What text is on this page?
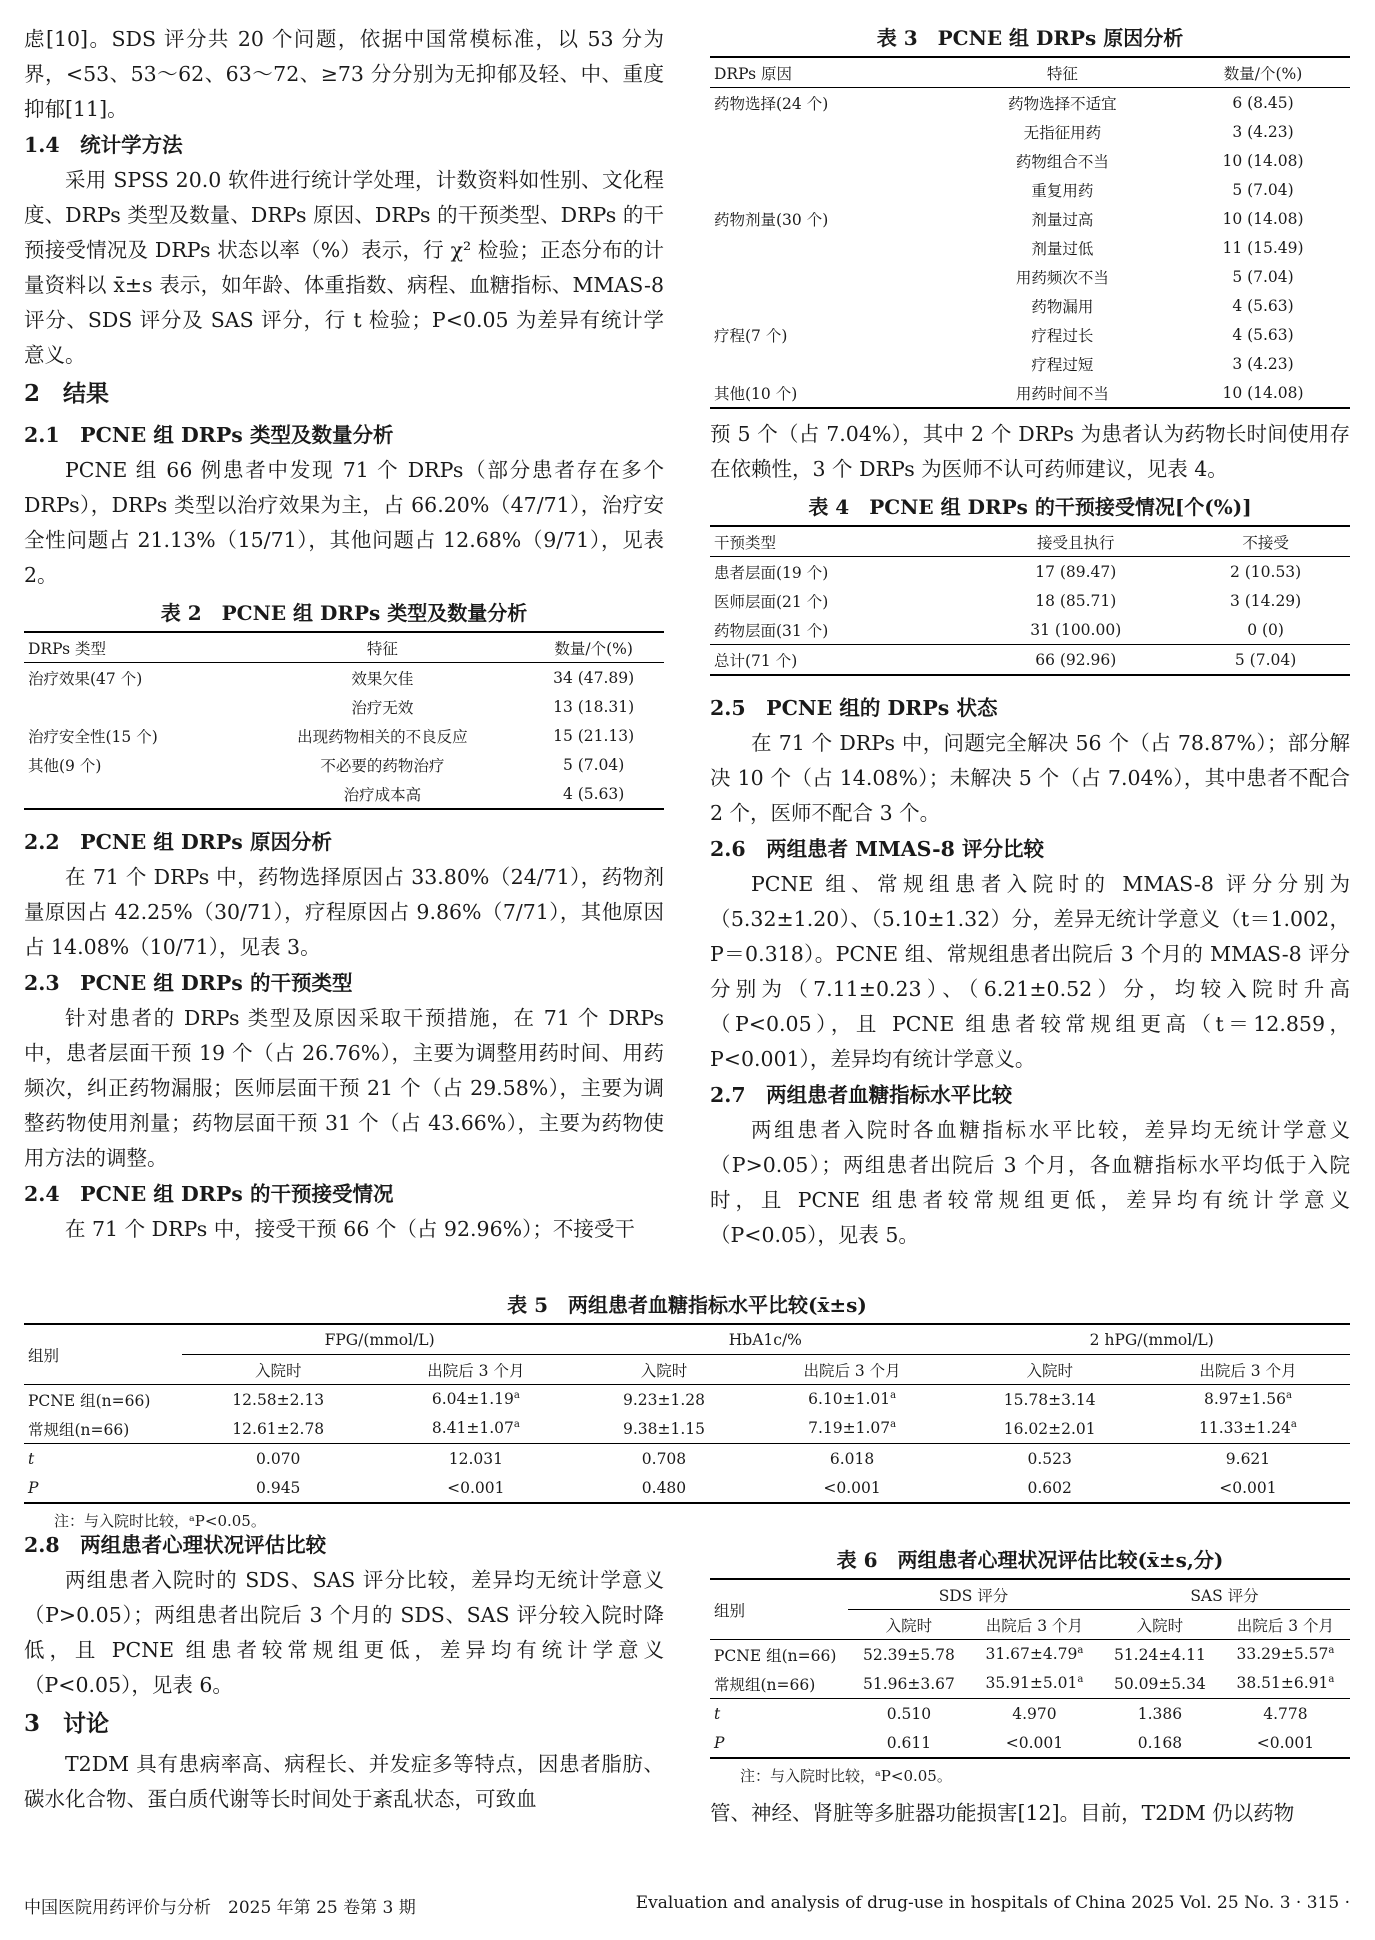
虑[10]。SDS 评分共 20 个问题，依据中国常模标准，以 53 分为界，<53、53～62、63～72、≥73 分分别为无抑郁及轻、中、重度抑郁[11]。

1.4　统计学方法

采用 SPSS 20.0 软件进行统计学处理，计数资料如性别、文化程度、DRPs 类型及数量、DRPs 原因、DRPs 的干预类型、DRPs 的干预接受情况及 DRPs 状态以率（%）表示，行 χ² 检验；正态分布的计量资料以 x̄±s 表示，如年龄、体重指数、病程、血糖指标、MMAS-8 评分、SDS 评分及 SAS 评分，行 t 检验；P<0.05 为差异有统计学意义。

2　结果
2.1　PCNE 组 DRPs 类型及数量分析

PCNE 组 66 例患者中发现 71 个 DRPs（部分患者存在多个 DRPs），DRPs 类型以治疗效果为主，占 66.20%（47/71），治疗安全性问题占 21.13%（15/71），其他问题占 12.68%（9/71），见表 2。

表 2　PCNE 组 DRPs 类型及数量分析
DRPs 类型	特征	数量/个(%)
治疗效果(47 个)	效果欠佳	34 (47.89)
	治疗无效	13 (18.31)
治疗安全性(15 个)	出现药物相关的不良反应	15 (21.13)
其他(9 个)	不必要的药物治疗	5 (7.04)
	治疗成本高	4 (5.63)
2.2　PCNE 组 DRPs 原因分析

在 71 个 DRPs 中，药物选择原因占 33.80%（24/71），药物剂量原因占 42.25%（30/71），疗程原因占 9.86%（7/71），其他原因占 14.08%（10/71），见表 3。

2.3　PCNE 组 DRPs 的干预类型

针对患者的 DRPs 类型及原因采取干预措施，在 71 个 DRPs 中，患者层面干预 19 个（占 26.76%），主要为调整用药时间、用药频次，纠正药物漏服；医师层面干预 21 个（占 29.58%），主要为调整药物使用剂量；药物层面干预 31 个（占 43.66%），主要为药物使用方法的调整。

2.4　PCNE 组 DRPs 的干预接受情况

在 71 个 DRPs 中，接受干预 66 个（占 92.96%）；不接受干

表 3　PCNE 组 DRPs 原因分析
DRPs 原因	特征	数量/个(%)
药物选择(24 个)	药物选择不适宜	6 (8.45)
	无指征用药	3 (4.23)
	药物组合不当	10 (14.08)
	重复用药	5 (7.04)
药物剂量(30 个)	剂量过高	10 (14.08)
	剂量过低	11 (15.49)
	用药频次不当	5 (7.04)
	药物漏用	4 (5.63)
疗程(7 个)	疗程过长	4 (5.63)
	疗程过短	3 (4.23)
其他(10 个)	用药时间不当	10 (14.08)

预 5 个（占 7.04%），其中 2 个 DRPs 为患者认为药物长时间使用存在依赖性，3 个 DRPs 为医师不认可药师建议，见表 4。

表 4　PCNE 组 DRPs 的干预接受情况[个(%)]
干预类型	接受且执行	不接受
患者层面(19 个)	17 (89.47)	2 (10.53)
医师层面(21 个)	18 (85.71)	3 (14.29)
药物层面(31 个)	31 (100.00)	0 (0)
总计(71 个)	66 (92.96)	5 (7.04)
2.5　PCNE 组的 DRPs 状态

在 71 个 DRPs 中，问题完全解决 56 个（占 78.87%）；部分解决 10 个（占 14.08%）；未解决 5 个（占 7.04%），其中患者不配合 2 个，医师不配合 3 个。

2.6　两组患者 MMAS-8 评分比较

PCNE 组、常规组患者入院时的 MMAS-8 评分分别为（5.32±1.20）、（5.10±1.32）分，差异无统计学意义（t＝1.002，P＝0.318）。PCNE 组、常规组患者出院后 3 个月的 MMAS-8 评分分别为（7.11±0.23）、（6.21±0.52）分，均较入院时升高（P<0.05），且 PCNE 组患者较常规组更高（t＝12.859，P<0.001），差异均有统计学意义。

2.7　两组患者血糖指标水平比较

两组患者入院时各血糖指标水平比较，差异均无统计学意义（P>0.05）；两组患者出院后 3 个月，各血糖指标水平均低于入院时，且 PCNE 组患者较常规组更低，差异均有统计学意义（P<0.05），见表 5。

表 5　两组患者血糖指标水平比较(x̄±s)
组别	FPG/(mmol/L)		HbA1c/%		2 hPG/(mmol/L)	
	入院时	出院后 3 个月	入院时	出院后 3 个月	入院时	出院后 3 个月
PCNE 组(n=66)	12.58±2.13	6.04±1.19$^a$	9.23±1.28	6.10±1.01$^a$	15.78±3.14	8.97±1.56$^a$
常规组(n=66)	12.61±2.78	8.41±1.07$^a$	9.38±1.15	7.19±1.07$^a$	16.02±2.01	11.33±1.24$^a$
t	0.070	12.031	0.708	6.018	0.523	9.621
P	0.945	<0.001	0.480	<0.001	0.602	<0.001
注：与入院时比较，ᵃP<0.05。
2.8　两组患者心理状况评估比较

两组患者入院时的 SDS、SAS 评分比较，差异均无统计学意义（P>0.05）；两组患者出院后 3 个月的 SDS、SAS 评分较入院时降低，且 PCNE 组患者较常规组更低，差异均有统计学意义（P<0.05），见表 6。

3　讨论

T2DM 具有患病率高、病程长、并发症多等特点，因患者脂肪、碳水化合物、蛋白质代谢等长时间处于紊乱状态，可致血

表 6　两组患者心理状况评估比较(x̄±s,分)
组别	SDS 评分		SAS 评分	
	入院时	出院后 3 个月	入院时	出院后 3 个月
PCNE 组(n=66)	52.39±5.78	31.67±4.79$^a$	51.24±4.11	33.29±5.57$^a$
常规组(n=66)	51.96±3.67	35.91±5.01$^a$	50.09±5.34	38.51±6.91$^a$
t	0.510	4.970	1.386	4.778
P	0.611	<0.001	0.168	<0.001
注：与入院时比较，ᵃP<0.05。

管、神经、肾脏等多脏器功能损害[12]。目前，T2DM 仍以药物

中国医院用药评价与分析　2025 年第 25 卷第 3 期	Evaluation and analysis of drug-use in hospitals of China 2025 Vol. 25 No. 3 · 315 ·
